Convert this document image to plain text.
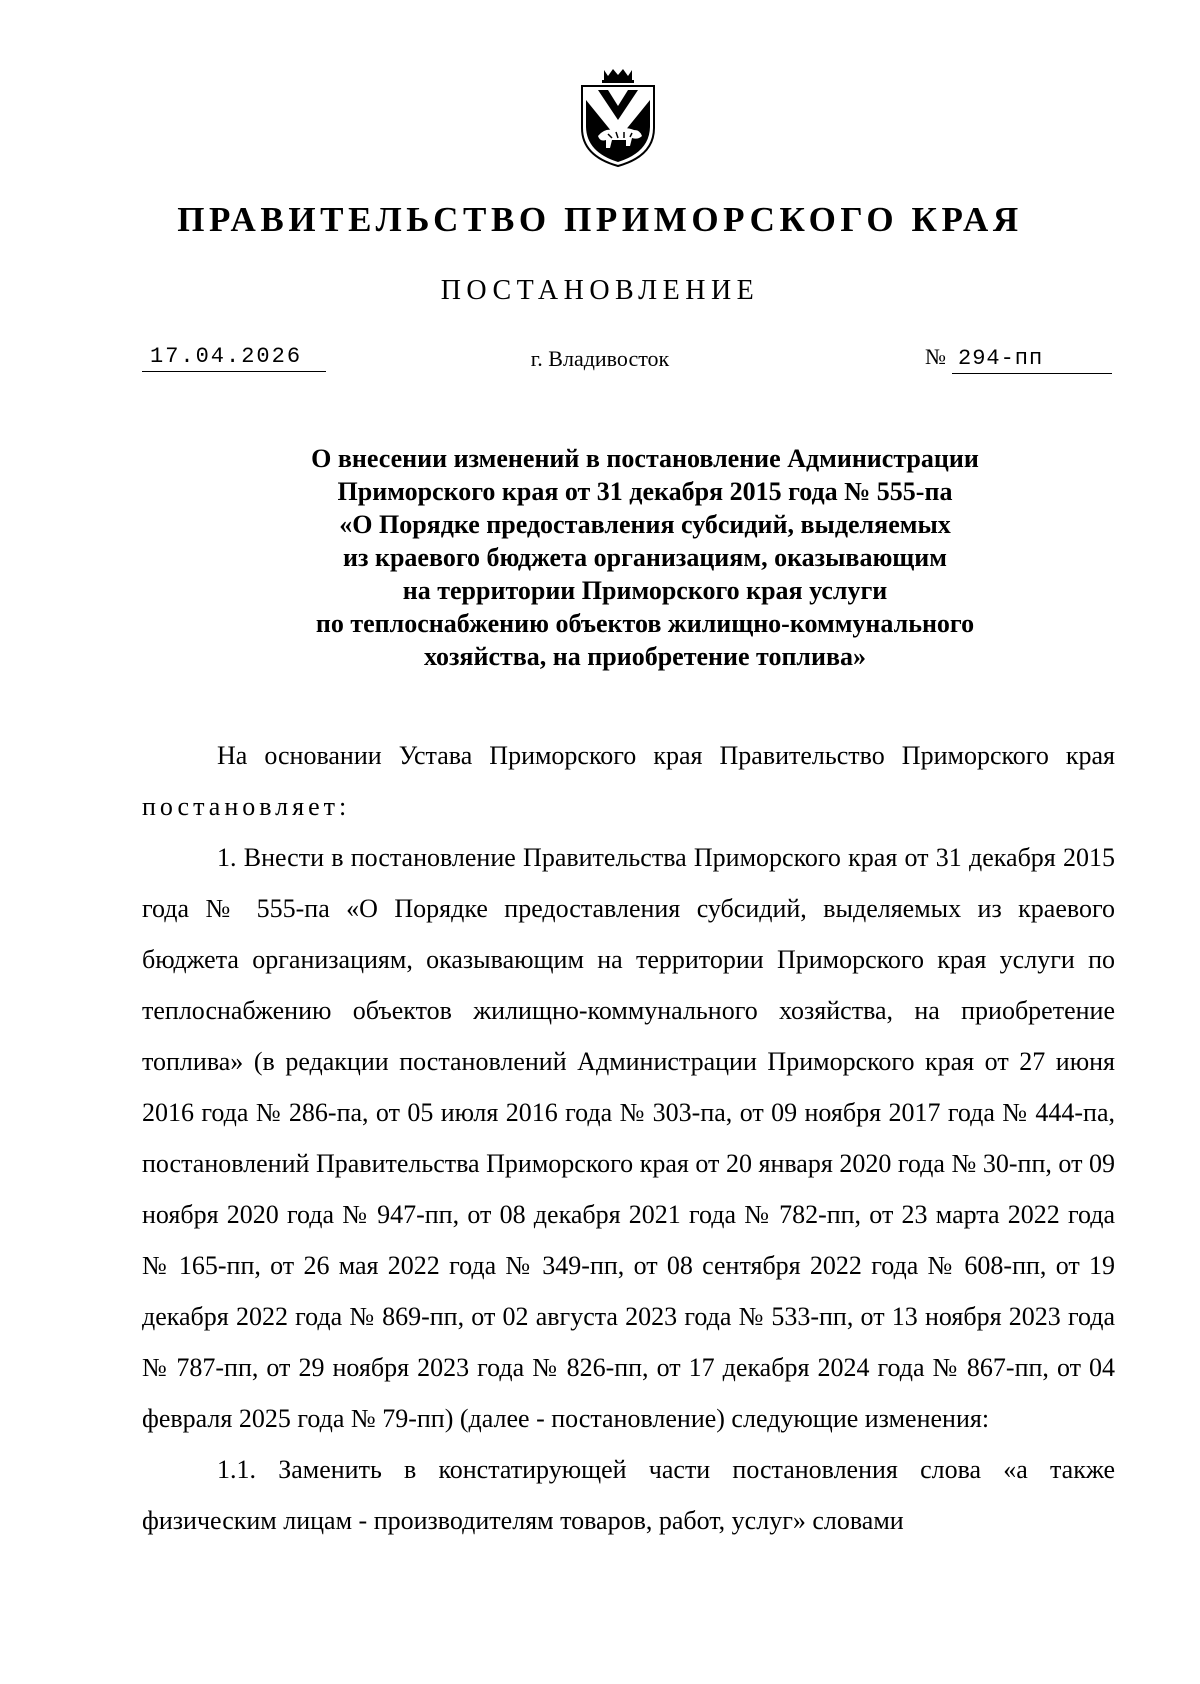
ПРАВИТЕЛЬСТВО ПРИМОРСКОГО КРАЯ
ПОСТАНОВЛЕНИЕ
17.04.2026	г. Владивосток	№ 294-пп
О внесении изменений в постановление Администрации
Приморского края от 31 декабря 2015 года № 555-па
«О Порядке предоставления субсидий, выделяемых
из краевого бюджета организациям, оказывающим
на территории Приморского края услуги
по теплоснабжению объектов жилищно-коммунального
хозяйства, на приобретение топлива»

На основании Устава Приморского края Правительство Приморского края постановляет:

1. Внести в постановление Правительства Приморского края от 31 декабря 2015 года № 555-па «О Порядке предоставления субсидий, выделяемых из краевого бюджета организациям, оказывающим на территории Приморского края услуги по теплоснабжению объектов жилищно-коммунального хозяйства, на приобретение топлива» (в редакции постановлений Администрации Приморского края от 27 июня 2016 года № 286-па, от 05 июля 2016 года № 303-па, от 09 ноября 2017 года № 444-па, постановлений Правительства Приморского края от 20 января 2020 года № 30-пп, от 09 ноября 2020 года № 947-пп, от 08 декабря 2021 года № 782-пп, от 23 марта 2022 года № 165-пп, от 26 мая 2022 года № 349-пп, от 08 сентября 2022 года № 608-пп, от 19 декабря 2022 года № 869-пп, от 02 августа 2023 года № 533-пп, от 13 ноября 2023 года № 787-пп, от 29 ноября 2023 года № 826-пп, от 17 декабря 2024 года № 867-пп, от 04 февраля 2025 года № 79-пп) (далее - постановление) следующие изменения:

1.1. Заменить в констатирующей части постановления слова «а также физическим лицам - производителям товаров, работ, услуг» словами
